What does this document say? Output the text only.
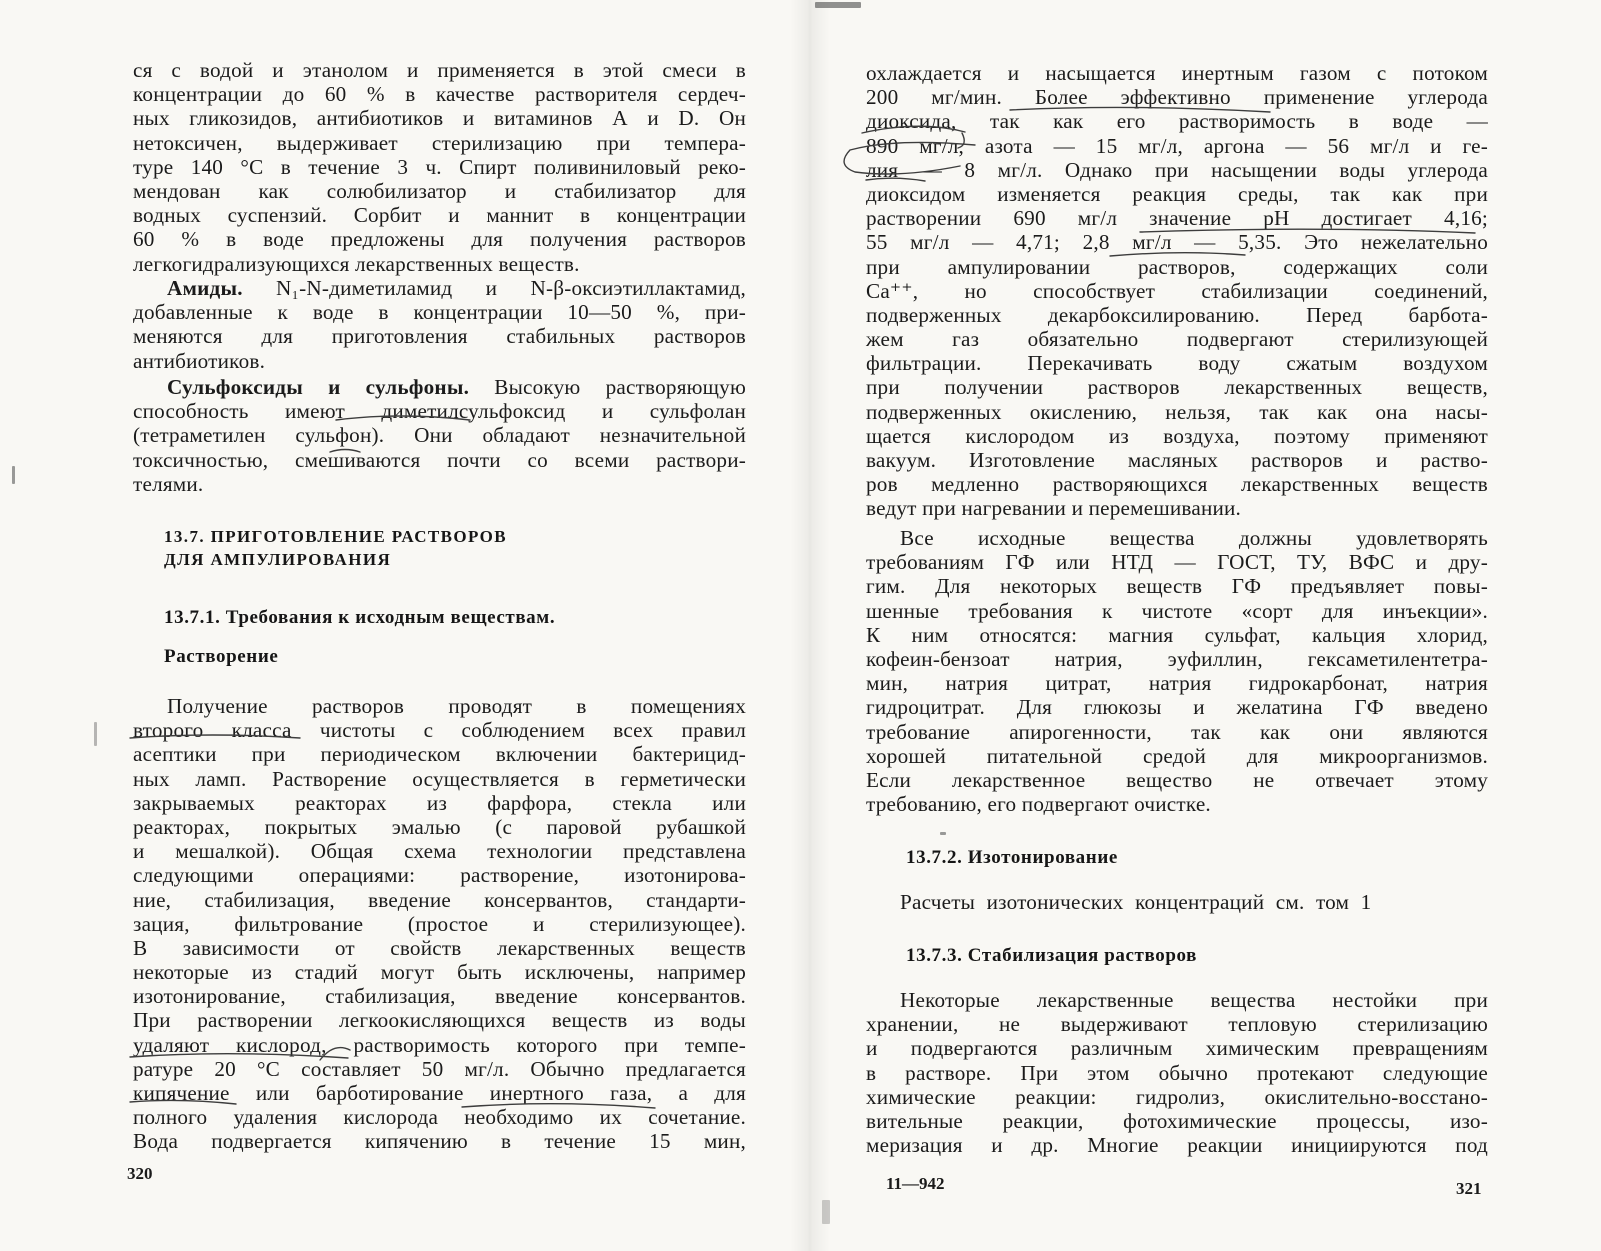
ся с водой и этанолом и применяется в этой смеси в
концентрации до 60 % в качестве растворителя сердеч-
ных гликозидов, антибиотиков и витаминов А и D. Он
нетоксичен, выдерживает стерилизацию при темпера-
туре 140 °С в течение 3 ч. Спирт поливиниловый реко-
мендован как солюбилизатор и стабилизатор для
водных суспензий. Сорбит и маннит в концентрации
60 % в воде предложены для получения растворов
легкогидрализующихся лекарственных веществ.
Амиды. N₁-N-диметиламид и N-β-оксиэтиллактамид,
добавленные к воде в концентрации 10—50 %, при-
меняются для приготовления стабильных растворов
антибиотиков.
Сульфоксиды и сульфоны. Высокую растворяющую
способность имеют диметилсульфоксид и сульфолан
(тетраметилен сульфон). Они обладают незначительной
токсичностью, смешиваются почти со всеми раствори-
телями.
13.7. ПРИГОТОВЛЕНИЕ РАСТВОРОВ
ДЛЯ АМПУЛИРОВАНИЯ
13.7.1. Требования к исходным веществам.
Растворение
Получение растворов проводят в помещениях
второго класса чистоты с соблюдением всех правил
асептики при периодическом включении бактерицид-
ных ламп. Растворение осуществляется в герметически
закрываемых реакторах из фарфора, стекла или
реакторах, покрытых эмалью (с паровой рубашкой
и мешалкой). Общая схема технологии представлена
следующими операциями: растворение, изотонирова-
ние, стабилизация, введение консервантов, стандарти-
зация, фильтрование (простое и стерилизующее).
В зависимости от свойств лекарственных веществ
некоторые из стадий могут быть исключены, например
изотонирование, стабилизация, введение консервантов.
При растворении легкоокисляющихся веществ из воды
удаляют кислород, растворимость которого при темпе-
ратуре 20 °С составляет 50 мг/л. Обычно предлагается
кипячение или барботирование инертного газа, а для
полного удаления кислорода необходимо их сочетание.
Вода подвергается кипячению в течение 15 мин,
320
охлаждается и насыщается инертным газом с потоком
200 мг/мин. Более эффективно применение углерода
диоксида, так как его растворимость в воде —
890 мг/л, азота — 15 мг/л, аргона — 56 мг/л и ге-
лия — 8 мг/л. Однако при насыщении воды углерода
диоксидом изменяется реакция среды, так как при
растворении 690 мг/л значение рН достигает 4,16;
55 мг/л — 4,71; 2,8 мг/л — 5,35. Это нежелательно
при ампулировании растворов, содержащих соли
Са⁺⁺, но способствует стабилизации соединений,
подверженных декарбоксилированию. Перед барбота-
жем газ обязательно подвергают стерилизующей
фильтрации. Перекачивать воду сжатым воздухом
при получении растворов лекарственных веществ,
подверженных окислению, нельзя, так как она насы-
щается кислородом из воздуха, поэтому применяют
вакуум. Изготовление масляных растворов и раство-
ров медленно растворяющихся лекарственных веществ
ведут при нагревании и перемешивании.
Все исходные вещества должны удовлетворять
требованиям ГФ или НТД — ГОСТ, ТУ, ВФС и дру-
гим. Для некоторых веществ ГФ предъявляет повы-
шенные требования к чистоте «сорт для инъекции».
К ним относятся: магния сульфат, кальция хлорид,
кофеин-бензоат натрия, эуфиллин, гексаметилентетра-
мин, натрия цитрат, натрия гидрокарбонат, натрия
гидроцитрат. Для глюкозы и желатина ГФ введено
требование апирогенности, так как они являются
хорошей питательной средой для микроорганизмов.
Если лекарственное вещество не отвечает этому
требованию, его подвергают очистке.
13.7.2. Изотонирование
Расчеты изотонических концентраций см. том 1
13.7.3. Стабилизация растворов
Некоторые лекарственные вещества нестойки при
хранении, не выдерживают тепловую стерилизацию
и подвергаются различным химическим превращениям
в растворе. При этом обычно протекают следующие
химические реакции: гидролиз, окислительно-восстано-
вительные реакции, фотохимические процессы, изо-
меризация и др. Многие реакции инициируются под
11—942	321
